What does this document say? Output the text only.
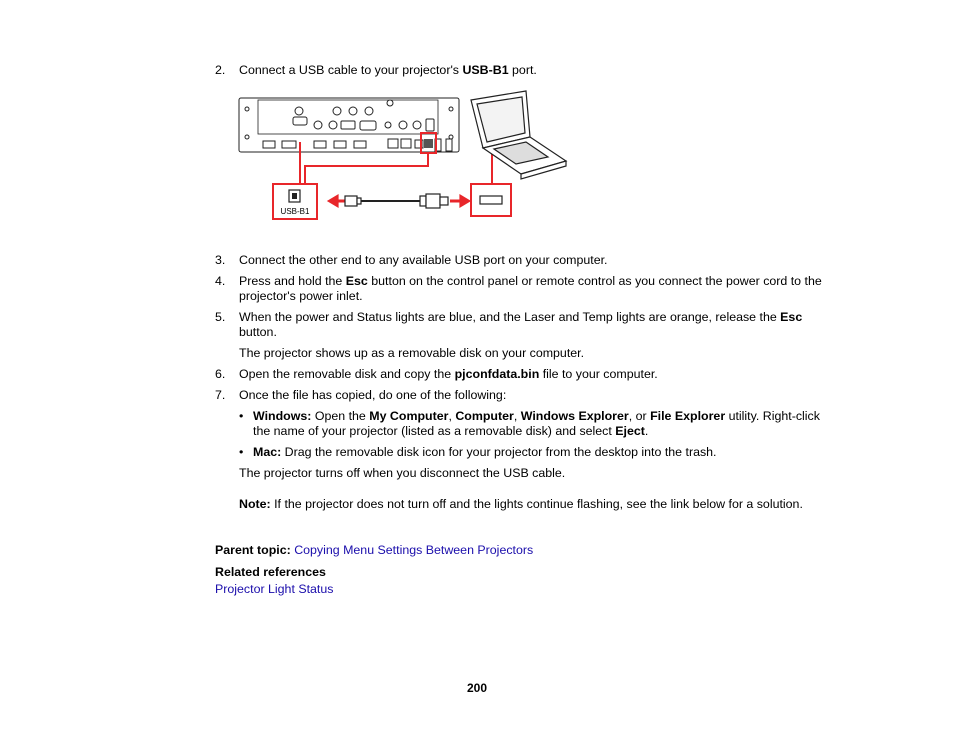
2. Connect a USB cable to your projector's USB-B1 port.
USB-B1
3. Connect the other end to any available USB port on your computer.
4. Press and hold the Esc button on the control panel or remote control as you connect the power cord to the projector's power inlet.
5. When the power and Status lights are blue, and the Laser and Temp lights are orange, release the Esc button.
The projector shows up as a removable disk on your computer.
6. Open the removable disk and copy the pjconfdata.bin file to your computer.
7. Once the file has copied, do one of the following:
• Windows: Open the My Computer, Computer, Windows Explorer, or File Explorer utility. Right-click the name of your projector (listed as a removable disk) and select Eject.
• Mac: Drag the removable disk icon for your projector from the desktop into the trash.
The projector turns off when you disconnect the USB cable.
Note: If the projector does not turn off and the lights continue flashing, see the link below for a solution.
Parent topic: Copying Menu Settings Between Projectors
Related references
Projector Light Status
200
